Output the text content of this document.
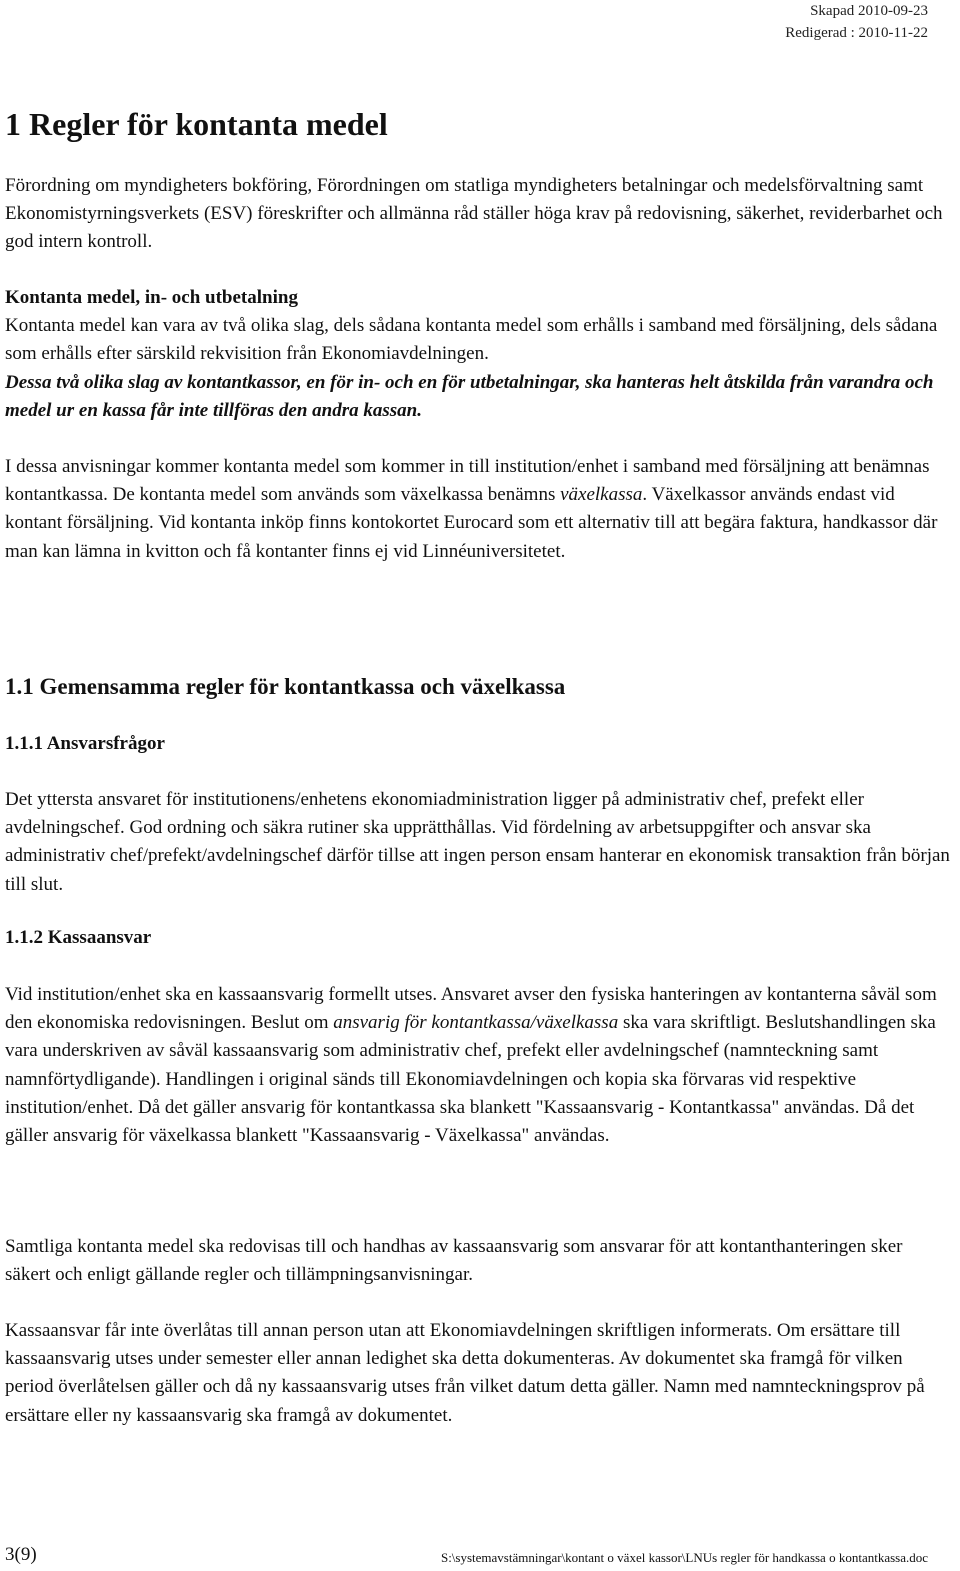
Skapad 2010-09-23
Redigerad : 2010-11-22
1 Regler för kontanta medel

Förordning om myndigheters bokföring, Förordningen om statliga myndigheters betalningar och medelsförvaltning samt Ekonomistyrningsverkets (ESV) föreskrifter och allmänna råd ställer höga krav på redovisning, säkerhet, reviderbarhet och god intern kontroll.

Kontanta medel, in- och utbetalning

Kontanta medel kan vara av två olika slag, dels sådana kontanta medel som erhålls i samband med försäljning, dels sådana som erhålls efter särskild rekvisition från Ekonomiavdelningen.

Dessa två olika slag av kontantkassor, en för in- och en för utbetalningar, ska hanteras helt åtskilda från varandra och medel ur en kassa får inte tillföras den andra kassan.

I dessa anvisningar kommer kontanta medel som kommer in till institution/enhet i samband med försäljning att benämnas kontantkassa. De kontanta medel som används som växelkassa benämns växelkassa. Växelkassor används endast vid kontant försäljning. Vid kontanta inköp finns kontokortet Eurocard som ett alternativ till att begära faktura, handkassor där man kan lämna in kvitton och få kontanter finns ej vid Linnéuniversitetet.

1.1 Gemensamma regler för kontantkassa och växelkassa
1.1.1 Ansvarsfrågor

Det yttersta ansvaret för institutionens/enhetens ekonomiadministration ligger på administrativ chef, prefekt eller avdelningschef. God ordning och säkra rutiner ska upprätthållas. Vid fördelning av arbetsuppgifter och ansvar ska administrativ chef/prefekt/avdelningschef därför tillse att ingen person ensam hanterar en ekonomisk transaktion från början till slut.

1.1.2 Kassaansvar

Vid institution/enhet ska en kassaansvarig formellt utses. Ansvaret avser den fysiska hanteringen av kontanterna såväl som den ekonomiska redovisningen. Beslut om ansvarig för kontantkassa/växelkassa ska vara skriftligt. Beslutshandlingen ska vara underskriven av såväl kassaansvarig som administrativ chef, prefekt eller avdelningschef (namnteckning samt namnförtydligande). Handlingen i original sänds till Ekonomiavdelningen och kopia ska förvaras vid respektive institution/enhet. Då det gäller ansvarig för kontantkassa ska blankett "Kassaansvarig - Kontantkassa" användas. Då det gäller ansvarig för växelkassa blankett "Kassaansvarig - Växelkassa" användas.

Samtliga kontanta medel ska redovisas till och handhas av kassaansvarig som ansvarar för att kontanthanteringen sker säkert och enligt gällande regler och tillämpningsanvisningar.

Kassaansvar får inte överlåtas till annan person utan att Ekonomiavdelningen skriftligen informerats. Om ersättare till kassaansvarig utses under semester eller annan ledighet ska detta dokumenteras. Av dokumentet ska framgå för vilken period överlåtelsen gäller och då ny kassaansvarig utses från vilket datum detta gäller. Namn med namnteckningsprov på ersättare eller ny kassaansvarig ska framgå av dokumentet.

3(9)	S:\systemavstämningar\kontant o växel kassor\LNUs regler för handkassa o kontantkassa.doc
